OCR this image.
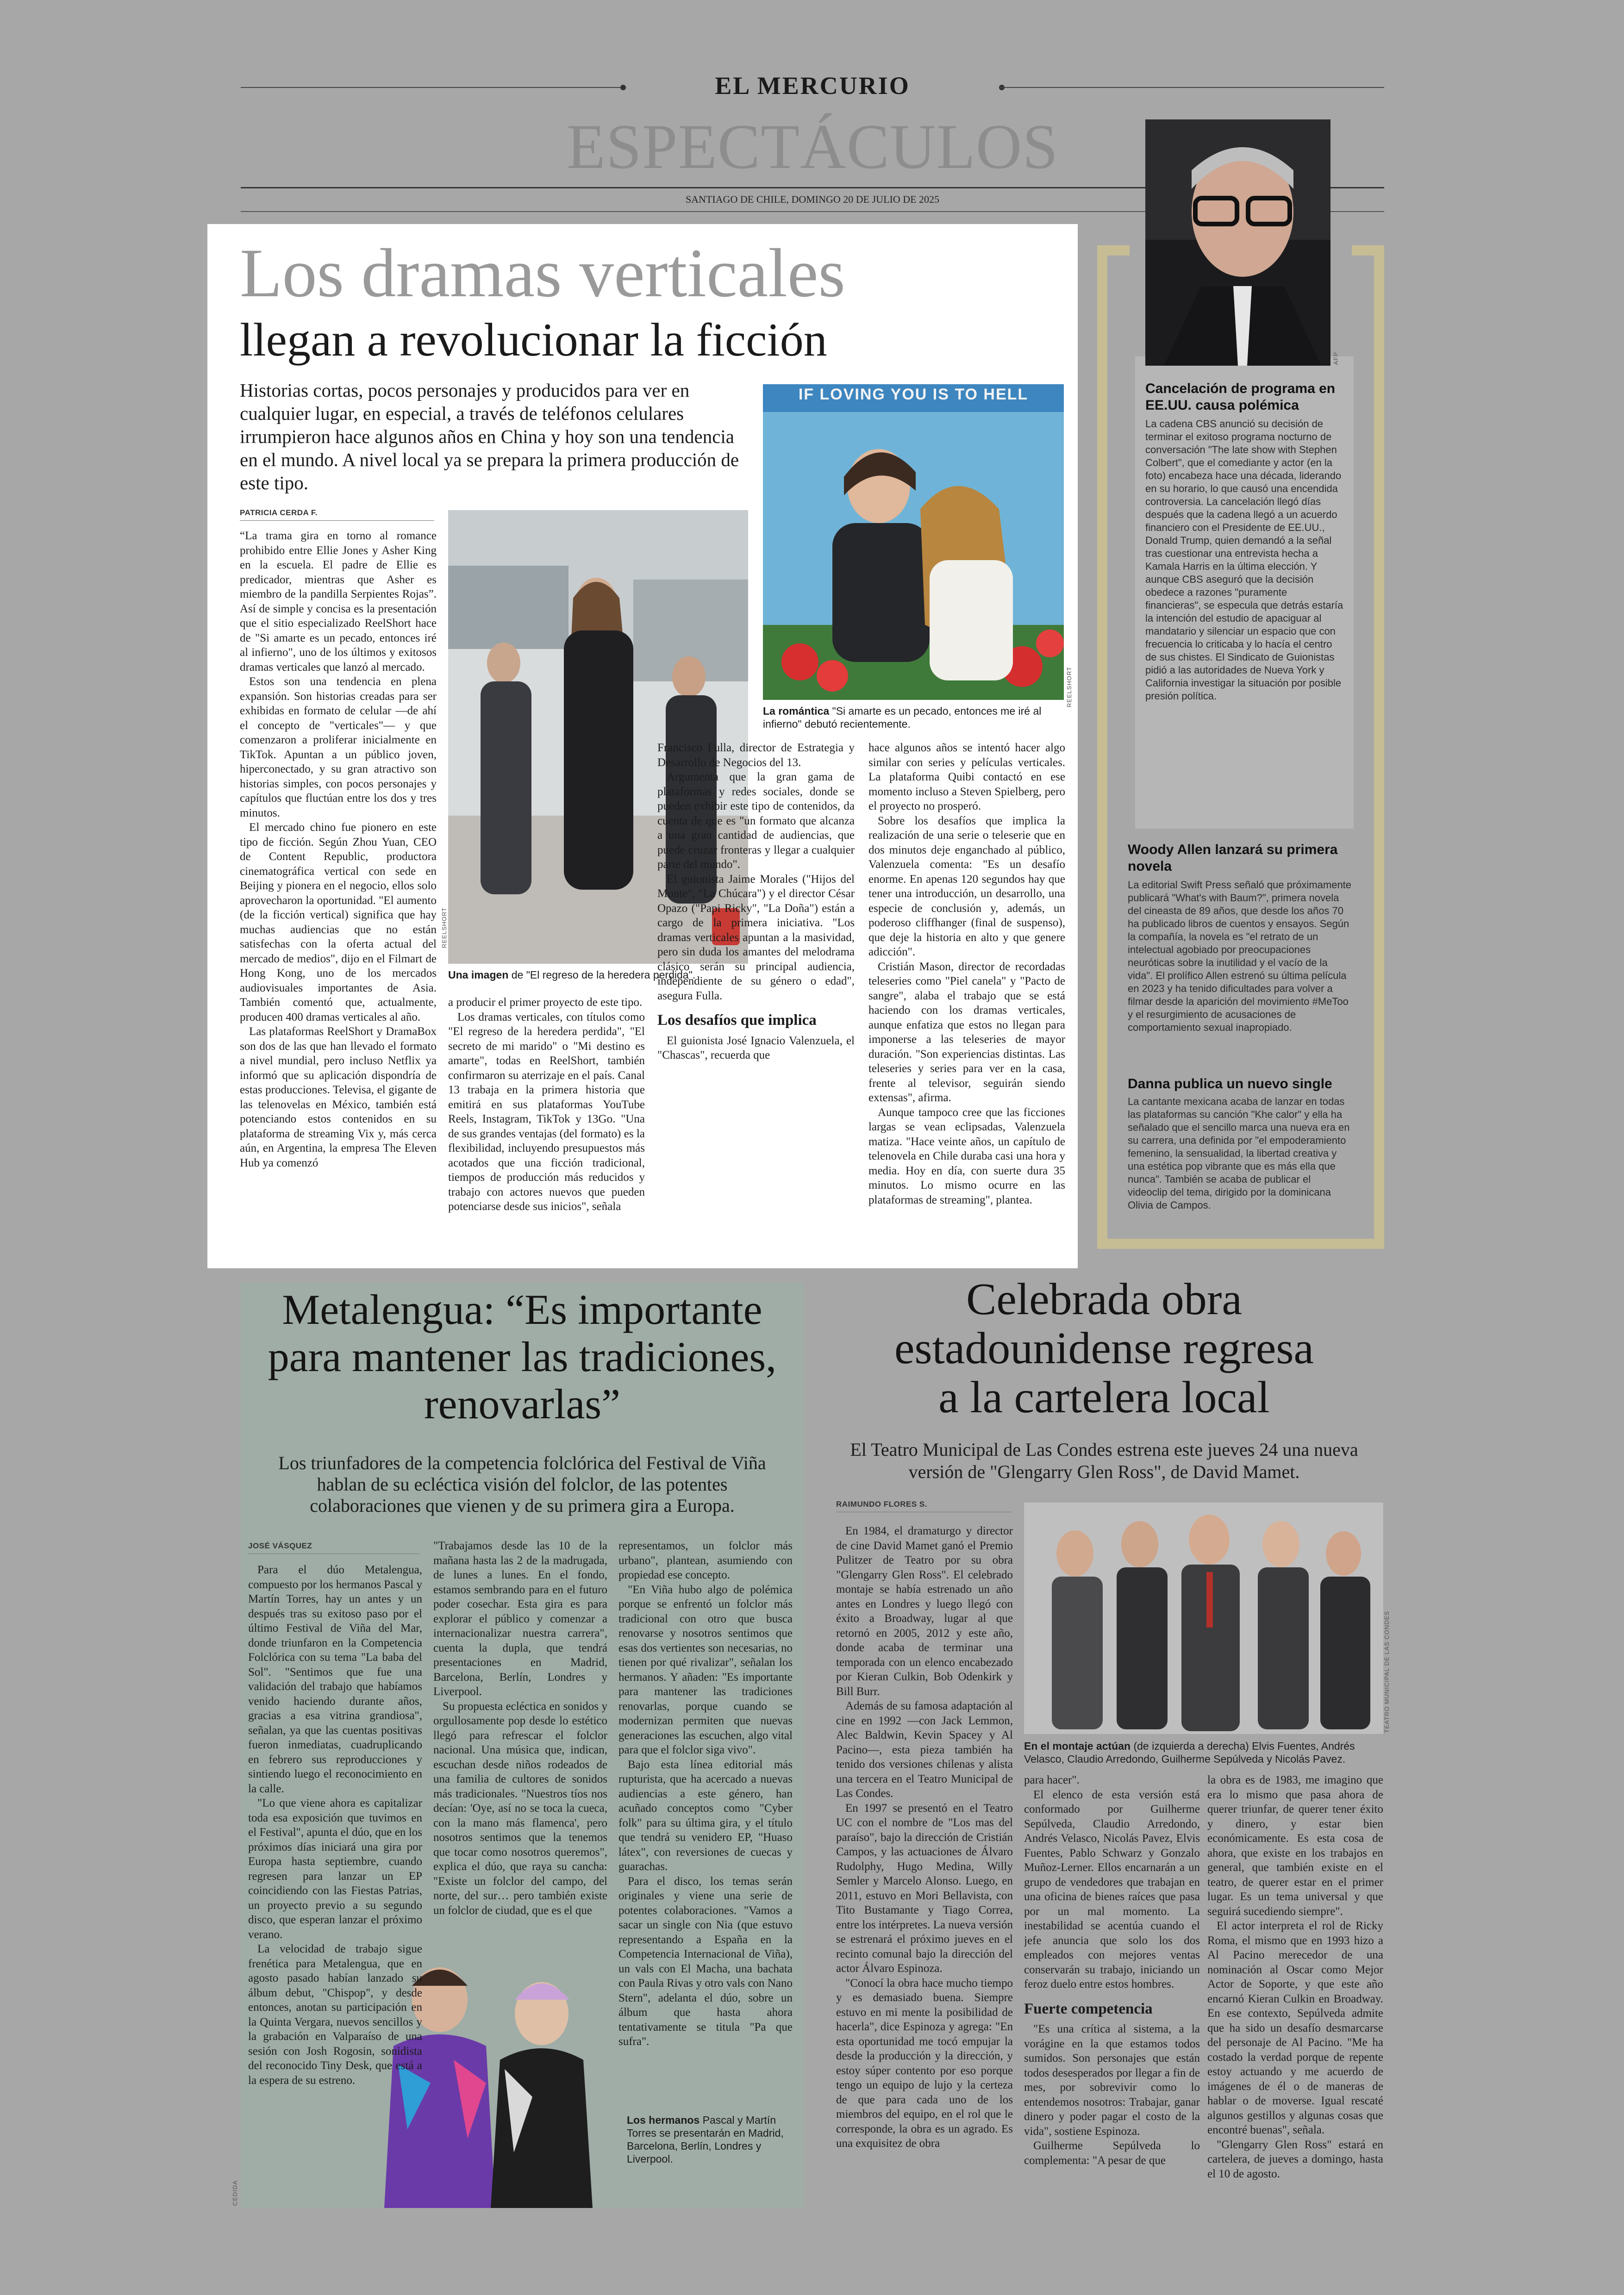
EL MERCURIO
ESPECTÁCULOS
SANTIAGO DE CHILE, DOMINGO 20 DE JULIO DE 2025
Los dramas verticales
llegan a revolucionar la ficción
Historias cortas, pocos personajes y producidos para ver en cualquier lugar, en especial, a través de teléfonos celulares irrumpieron hace algunos años en China y hoy son una tendencia en el mundo. A nivel local ya se prepara la primera producción de este tipo.
PATRICIA CERDA F.
REELSHORT
Una imagen de "El regreso de la heredera perdida".
IF LOVING YOU IS TO HELL
REELSHORT
La romántica "Si amarte es un pecado, entonces me iré al infierno" debutó recientemente.

“La trama gira en torno al romance prohibido entre Ellie Jones y Asher King en la escuela. El padre de Ellie es predicador, mientras que Asher es miembro de la pandilla Serpientes Rojas”. Así de simple y concisa es la presentación que el sitio especializado ReelShort hace de "Si amarte es un pecado, entonces iré al infierno", uno de los últimos y exitosos dramas verticales que lanzó al mercado.

Estos son una tendencia en plena expansión. Son historias creadas para ser exhibidas en formato de celular —de ahí el concepto de "verticales"— y que comenzaron a proliferar inicialmente en TikTok. Apuntan a un público joven, hiperconectado, y su gran atractivo son historias simples, con pocos personajes y capítulos que fluctúan entre los dos y tres minutos.

El mercado chino fue pionero en este tipo de ficción. Según Zhou Yuan, CEO de Content Republic, productora cinematográfica vertical con sede en Beijing y pionera en el negocio, ellos solo aprovecharon la oportunidad. "El aumento (de la ficción vertical) significa que hay muchas audiencias que no están satisfechas con la oferta actual del mercado de medios", dijo en el Filmart de Hong Kong, uno de los mercados audiovisuales importantes de Asia. También comentó que, actualmente, producen 400 dramas verticales al año.

Las plataformas ReelShort y DramaBox son dos de las que han llevado el formato a nivel mundial, pero incluso Netflix ya informó que su aplicación dispondría de estas producciones. Televisa, el gigante de las telenovelas en México, también está potenciando estos contenidos en su plataforma de streaming Vix y, más cerca aún, en Argentina, la empresa The Eleven Hub ya comenzó

a producir el primer proyecto de este tipo.

Los dramas verticales, con títulos como "El regreso de la heredera perdida", "El secreto de mi marido" o "Mi destino es amarte", todas en ReelShort, también confirmaron su aterrizaje en el país. Canal 13 trabaja en la primera historia que emitirá en sus plataformas YouTube Reels, Instagram, TikTok y 13Go. "Una de sus grandes ventajas (del formato) es la flexibilidad, incluyendo presupuestos más acotados que una ficción tradicional, tiempos de producción más reducidos y trabajo con actores nuevos que pueden potenciarse desde sus inicios", señala

Francisco Fulla, director de Estrategia y Desarrollo de Negocios del 13.

Argumenta que la gran gama de plataformas y redes sociales, donde se pueden exhibir este tipo de contenidos, da cuenta de que es "un formato que alcanza a una gran cantidad de audiencias, que puede cruzar fronteras y llegar a cualquier parte del mundo".

El guionista Jaime Morales ("Hijos del Monte", "La Chúcara") y el director César Opazo ("Papi Ricky", "La Doña") están a cargo de la primera iniciativa. "Los dramas verticales apuntan a la masividad, pero sin duda los amantes del melodrama clásico serán su principal audiencia, independiente de su género o edad", asegura Fulla.

Los desafíos que implica

El guionista José Ignacio Valenzuela, el "Chascas", recuerda que

hace algunos años se intentó hacer algo similar con series y películas verticales. La plataforma Quibi contactó en ese momento incluso a Steven Spielberg, pero el proyecto no prosperó.

Sobre los desafíos que implica la realización de una serie o teleserie que en dos minutos deje enganchado al público, Valenzuela comenta: "Es un desafío enorme. En apenas 120 segundos hay que tener una introducción, un desarrollo, una especie de conclusión y, además, un poderoso cliffhanger (final de suspenso), que deje la historia en alto y que genere adicción".

Cristián Mason, director de recordadas teleseries como "Piel canela" y "Pacto de sangre", alaba el trabajo que se está haciendo con los dramas verticales, aunque enfatiza que estos no llegan para imponerse a las teleseries de mayor duración. "Son experiencias distintas. Las teleseries y series para ver en la casa, frente al televisor, seguirán siendo extensas", afirma.

Aunque tampoco cree que las ficciones largas se vean eclipsadas, Valenzuela matiza. "Hace veinte años, un capítulo de telenovela en Chile duraba casi una hora y media. Hoy en día, con suerte dura 35 minutos. Lo mismo ocurre en las plataformas de streaming", plantea.

AFP
Cancelación de programa en EE.UU. causa polémica
La cadena CBS anunció su decisión de terminar el exitoso programa nocturno de conversación "The late show with Stephen Colbert", que el comediante y actor (en la foto) encabeza hace una década, liderando en su horario, lo que causó una encendida controversia. La cancelación llegó días después que la cadena llegó a un acuerdo financiero con el Presidente de EE.UU., Donald Trump, quien demandó a la señal tras cuestionar una entrevista hecha a Kamala Harris en la última elección. Y aunque CBS aseguró que la decisión obedece a razones "puramente financieras", se especula que detrás estaría la intención del estudio de apaciguar al mandatario y silenciar un espacio que con frecuencia lo criticaba y lo hacía el centro de sus chistes. El Sindicato de Guionistas pidió a las autoridades de Nueva York y California investigar la situación por posible presión política.
Woody Allen lanzará su primera novela
La editorial Swift Press señaló que próximamente publicará "What's with Baum?", primera novela del cineasta de 89 años, que desde los años 70 ha publicado libros de cuentos y ensayos. Según la compañía, la novela es "el retrato de un intelectual agobiado por preocupaciones neuróticas sobre la inutilidad y el vacío de la vida". El prolífico Allen estrenó su última película en 2023 y ha tenido dificultades para volver a filmar desde la aparición del movimiento #MeToo y el resurgimiento de acusaciones de comportamiento sexual inapropiado.
Danna publica un nuevo single
La cantante mexicana acaba de lanzar en todas las plataformas su canción "Khe calor" y ella ha señalado que el sencillo marca una nueva era en su carrera, una definida por "el empoderamiento femenino, la sensualidad, la libertad creativa y una estética pop vibrante que es más ella que nunca". También se acaba de publicar el videoclip del tema, dirigido por la dominicana Olivia de Campos.
Metalengua: “Es importante para mantener las tradiciones, renovarlas”
Los triunfadores de la competencia folclórica del Festival de Viña hablan de su ecléctica visión del folclor, de las potentes colaboraciones que vienen y de su primera gira a Europa.
JOSÉ VÁSQUEZ
CEDIDA
Los hermanos Pascal y Martín Torres se presentarán en Madrid, Barcelona, Berlín, Londres y Liverpool.

Para el dúo Metalengua, compuesto por los hermanos Pascal y Martín Torres, hay un antes y un después tras su exitoso paso por el último Festival de Viña del Mar, donde triunfaron en la Competencia Folclórica con su tema "La baba del Sol". "Sentimos que fue una validación del trabajo que habíamos venido haciendo durante años, gracias a esa vitrina grandiosa", señalan, ya que las cuentas positivas fueron inmediatas, cuadruplicando en febrero sus reproducciones y sintiendo luego el reconocimiento en la calle.

"Lo que viene ahora es capitalizar toda esa exposición que tuvimos en el Festival", apunta el dúo, que en los próximos días iniciará una gira por Europa hasta septiembre, cuando regresen para lanzar un EP coincidiendo con las Fiestas Patrias, un proyecto previo a su segundo disco, que esperan lanzar el próximo verano.

La velocidad de trabajo sigue frenética para Metalengua, que en agosto pasado habían lanzado su álbum debut, "Chispop", y desde entonces, anotan su participación en la Quinta Vergara, nuevos sencillos y la grabación en Valparaíso de una sesión con Josh Rogosin, sonidista del reconocido Tiny Desk, que está a la espera de su estreno.

"Trabajamos desde las 10 de la mañana hasta las 2 de la madrugada, de lunes a lunes. En el fondo, estamos sembrando para en el futuro poder cosechar. Esta gira es para explorar el público y comenzar a internacionalizar nuestra carrera", cuenta la dupla, que tendrá presentaciones en Madrid, Barcelona, Berlín, Londres y Liverpool.

Su propuesta ecléctica en sonidos y orgullosamente pop desde lo estético llegó para refrescar el folclor nacional. Una música que, indican, escuchan desde niños rodeados de una familia de cultores de sonidos más tradicionales. "Nuestros tíos nos decían: 'Oye, así no se toca la cueca, con la mano más flamenca', pero nosotros sentimos que la tenemos que tocar como nosotros queremos", explica el dúo, que raya su cancha: "Existe un folclor del campo, del norte, del sur… pero también existe un folclor de ciudad, que es el que

representamos, un folclor más urbano", plantean, asumiendo con propiedad ese concepto.

"En Viña hubo algo de polémica porque se enfrentó un folclor más tradicional con otro que busca renovarse y nosotros sentimos que esas dos vertientes son necesarias, no tienen por qué rivalizar", señalan los hermanos. Y añaden: "Es importante para mantener las tradiciones renovarlas, porque cuando se modernizan permiten que nuevas generaciones las escuchen, algo vital para que el folclor siga vivo".

Bajo esta línea editorial más rupturista, que ha acercado a nuevas audiencias a este género, han acuñado conceptos como "Cyber folk" para su última gira, y el título que tendrá su venidero EP, "Huaso látex", con reversiones de cuecas y guarachas.

Para el disco, los temas serán originales y viene una serie de potentes colaboraciones. "Vamos a sacar un single con Nia (que estuvo representando a España en la Competencia Internacional de Viña), un vals con El Macha, una bachata con Paula Rivas y otro vals con Nano Stern", adelanta el dúo, sobre un álbum que hasta ahora tentativamente se titula "Pa que sufra".

Celebrada obra estadounidense regresa a la cartelera local
El Teatro Municipal de Las Condes estrena este jueves 24 una nueva versión de "Glengarry Glen Ross", de David Mamet.
RAIMUNDO FLORES S.
TEATRO MUNICIPAL DE LAS CONDES
En el montaje actúan (de izquierda a derecha) Elvis Fuentes, Andrés Velasco, Claudio Arredondo, Guilherme Sepúlveda y Nicolás Pavez.

En 1984, el dramaturgo y director de cine David Mamet ganó el Premio Pulitzer de Teatro por su obra "Glengarry Glen Ross". El celebrado montaje se había estrenado un año antes en Londres y luego llegó con éxito a Broadway, lugar al que retornó en 2005, 2012 y este año, donde acaba de terminar una temporada con un elenco encabezado por Kieran Culkin, Bob Odenkirk y Bill Burr.

Además de su famosa adaptación al cine en 1992 —con Jack Lemmon, Alec Baldwin, Kevin Spacey y Al Pacino—, esta pieza también ha tenido dos versiones chilenas y alista una tercera en el Teatro Municipal de Las Condes.

En 1997 se presentó en el Teatro UC con el nombre de "Los mas del paraíso", bajo la dirección de Cristián Campos, y las actuaciones de Álvaro Rudolphy, Hugo Medina, Willy Semler y Marcelo Alonso. Luego, en 2011, estuvo en Mori Bellavista, con Tito Bustamante y Tiago Correa, entre los intérpretes. La nueva versión se estrenará el próximo jueves en el recinto comunal bajo la dirección del actor Álvaro Espinoza.

"Conocí la obra hace mucho tiempo y es demasiado buena. Siempre estuvo en mi mente la posibilidad de hacerla", dice Espinoza y agrega: "En esta oportunidad me tocó empujar la desde la producción y la dirección, y estoy súper contento por eso porque tengo un equipo de lujo y la certeza de que para cada uno de los miembros del equipo, en el rol que le corresponde, la obra es un agrado. Es una exquisitez de obra

para hacer".

El elenco de esta versión está conformado por Guilherme Sepúlveda, Claudio Arredondo, Andrés Velasco, Nicolás Pavez, Elvis Fuentes, Pablo Schwarz y Gonzalo Muñoz-Lerner. Ellos encarnarán a un grupo de vendedores que trabajan en una oficina de bienes raíces que pasa por un mal momento. La inestabilidad se acentúa cuando el jefe anuncia que solo los dos empleados con mejores ventas conservarán su trabajo, iniciando un feroz duelo entre estos hombres.

Fuerte competencia

"Es una crítica al sistema, a la vorágine en la que estamos todos sumidos. Son personajes que están todos desesperados por llegar a fin de mes, por sobrevivir como lo entendemos nosotros: Trabajar, ganar dinero y poder pagar el costo de la vida", sostiene Espinoza.

Guilherme Sepúlveda lo complementa: "A pesar de que

la obra es de 1983, me imagino que era lo mismo que pasa ahora de querer triunfar, de querer tener éxito y dinero, y estar bien económicamente. Es esta cosa de ahora, que existe en los trabajos en general, que también existe en el teatro, de querer estar en el primer lugar. Es un tema universal y que seguirá sucediendo siempre".

El actor interpreta el rol de Ricky Roma, el mismo que en 1993 hizo a Al Pacino merecedor de una nominación al Oscar como Mejor Actor de Soporte, y que este año encarnó Kieran Culkin en Broadway. En ese contexto, Sepúlveda admite que ha sido un desafío desmarcarse del personaje de Al Pacino. "Me ha costado la verdad porque de repente estoy actuando y me acuerdo de imágenes de él o de maneras de hablar o de moverse. Igual rescaté algunos gestillos y algunas cosas que encontré buenas", señala.

"Glengarry Glen Ross" estará en cartelera, de jueves a domingo, hasta el 10 de agosto.
